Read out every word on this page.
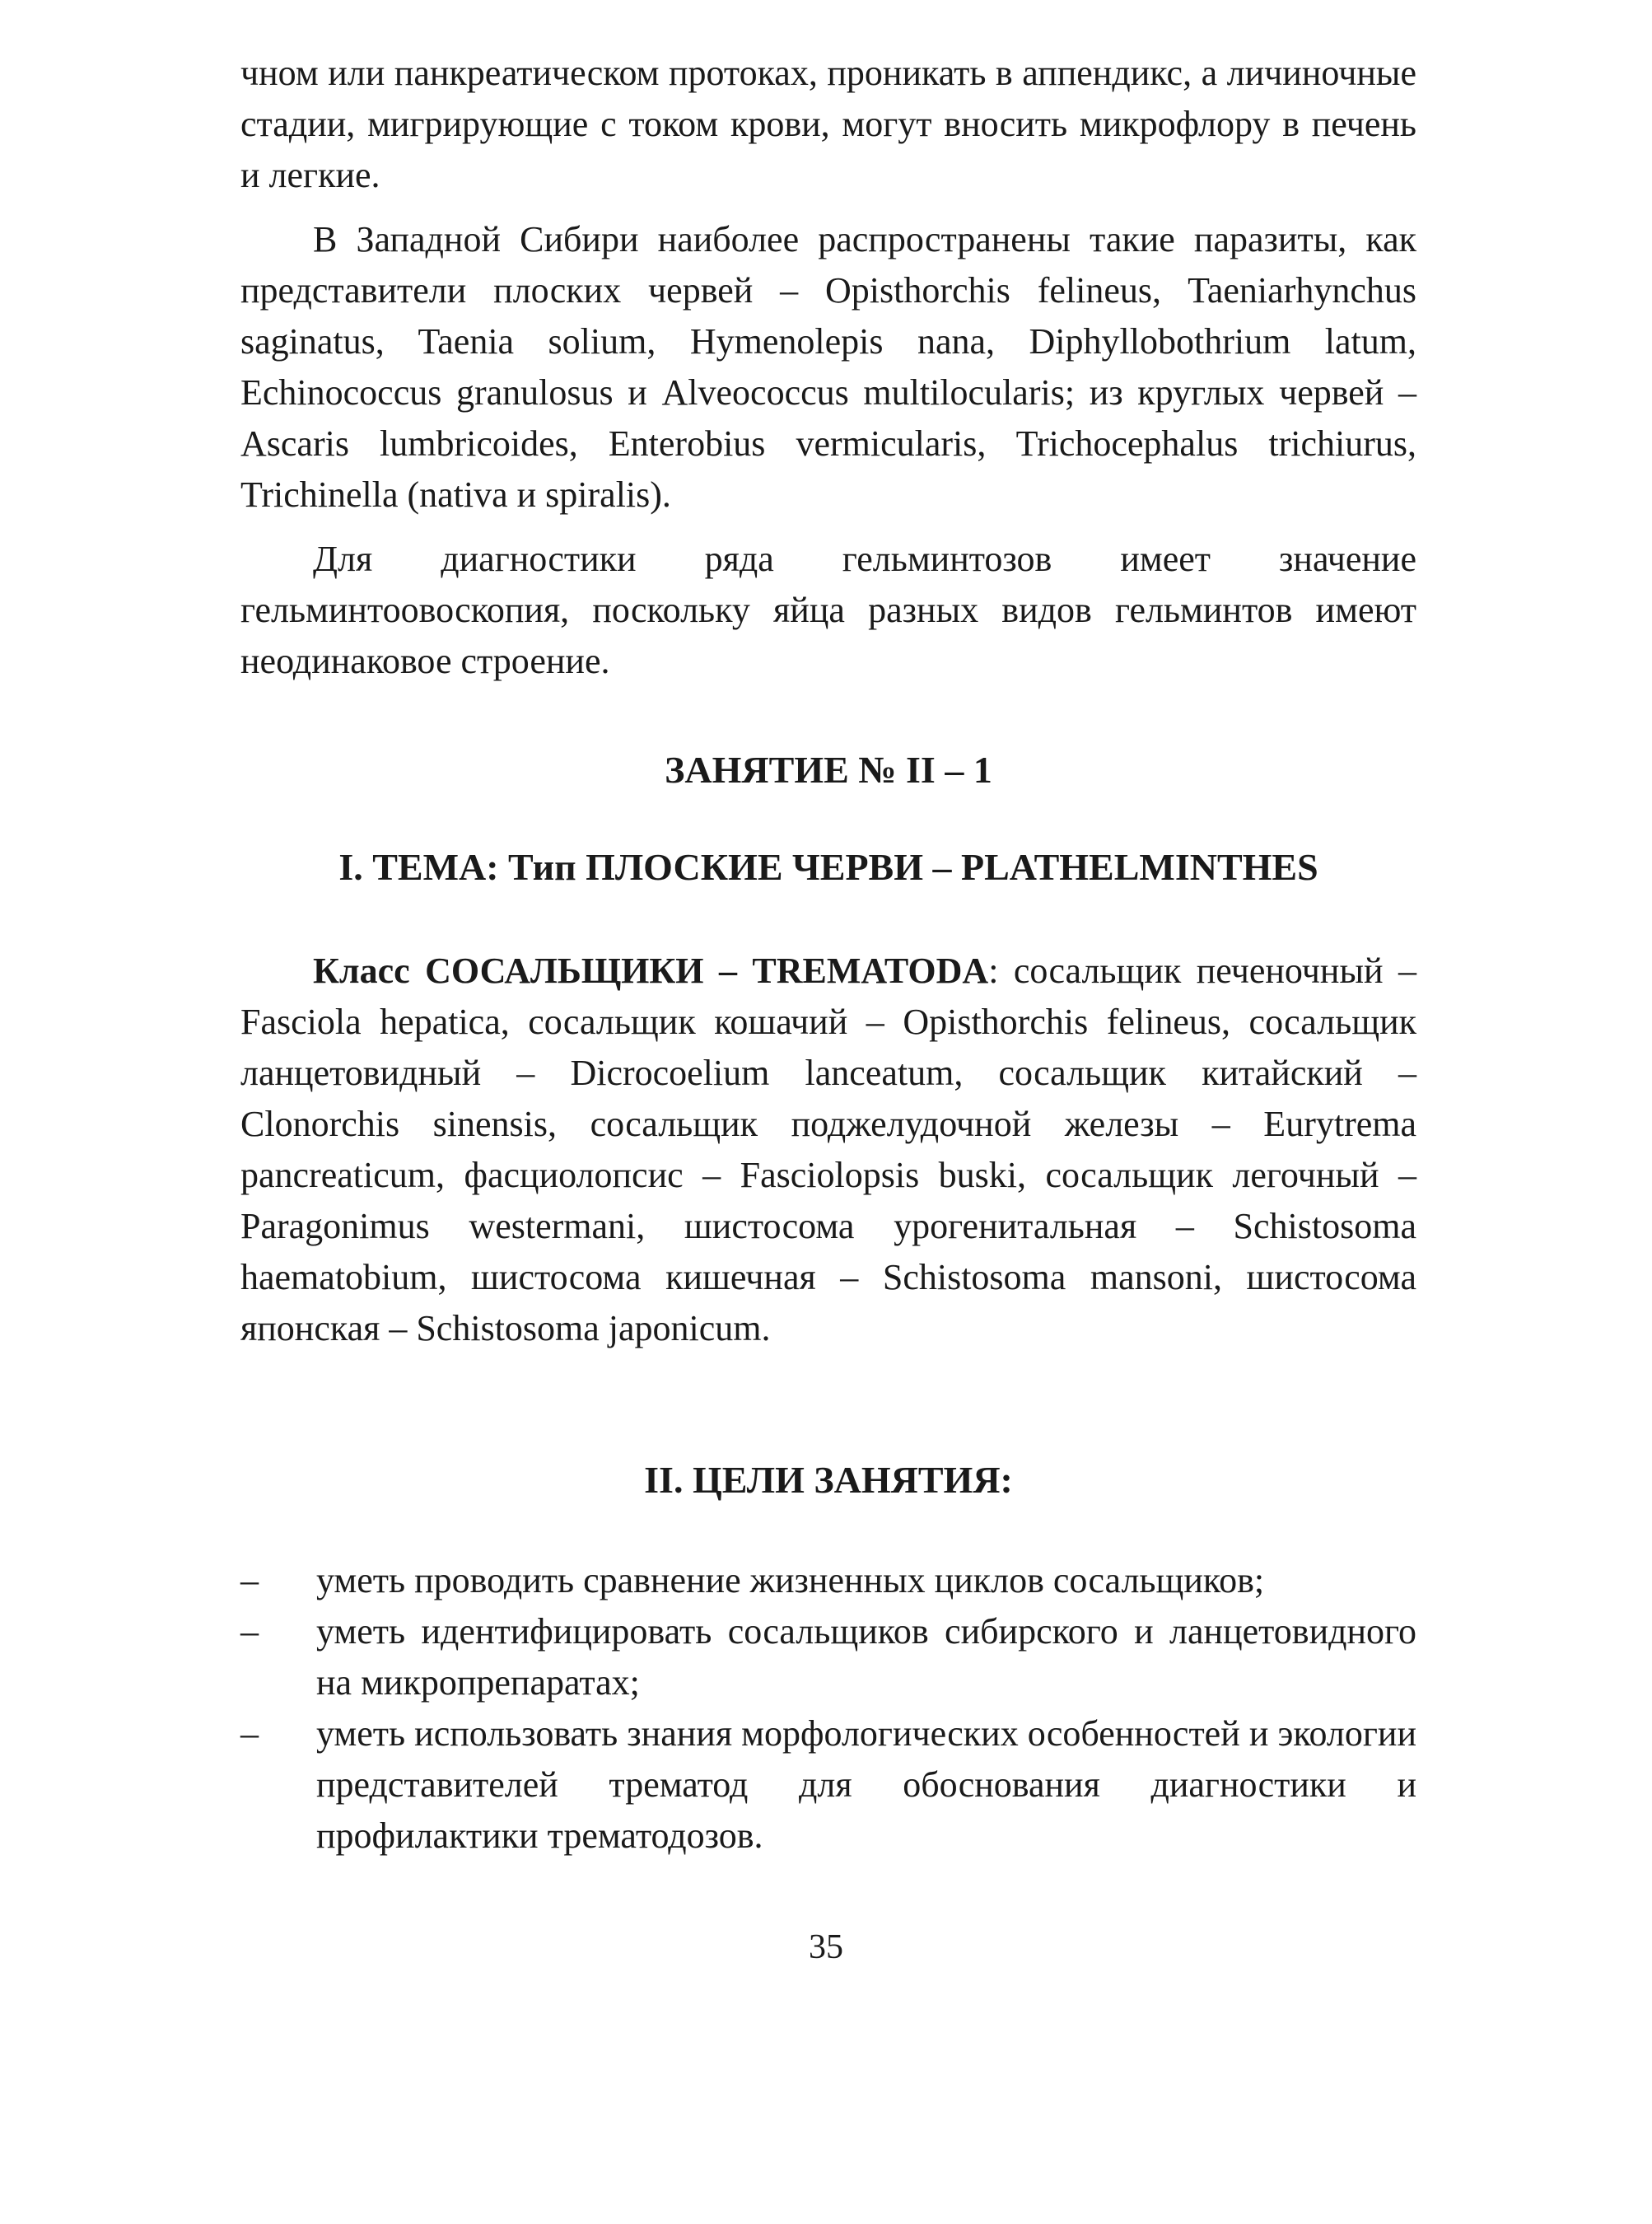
чном или панкреатическом протоках, проникать в аппендикс, а личиночные стадии, мигрирующие с током крови, могут вносить микрофлору в печень и легкие.

В Западной Сибири наиболее распространены такие паразиты, как представители плоских червей – Opisthorchis felineus, Taeniarhynchus saginatus, Taenia solium, Hymenolepis nana, Diphyllobothrium latum, Echinococcus granulosus и Alveococcus multilocularis; из круглых червей – Ascaris lumbricoides, Enterobius vermicularis, Trichocephalus trichiurus, Trichinella (nativa и spiralis).

Для диагностики ряда гельминтозов имеет значение гельминтоовоскопия, поскольку яйца разных видов гельминтов имеют неодинаковое строение.

ЗАНЯТИЕ № II – 1
I. ТЕМА: Тип ПЛОСКИЕ ЧЕРВИ – PLATHELMINTHES

Класс СОСАЛЬЩИКИ – TREMATODA: сосальщик печеночный – Fasciola hepatica, сосальщик кошачий – Opisthorchis felineus, сосальщик ланцетовидный – Dicrocoelium lanceatum, сосальщик китайский – Clonorchis sinensis, сосальщик поджелудочной железы – Eurytrema pancreaticum, фасциолопсис – Fasciolopsis buski, сосальщик легочный – Paragonimus westermani, шистосома урогенитальная – Schistosoma haematobium, шистосома кишечная – Schistosoma mansoni, шистосома японская – Schistosoma japonicum.

II. ЦЕЛИ ЗАНЯТИЯ:
– уметь проводить сравнение жизненных циклов сосальщиков;
– уметь идентифицировать сосальщиков сибирского и ланцетовидного на микропрепаратах;
– уметь использовать знания морфологических особенностей и экологии представителей трематод для обоснования диагностики и профилактики трематодозов.
35
